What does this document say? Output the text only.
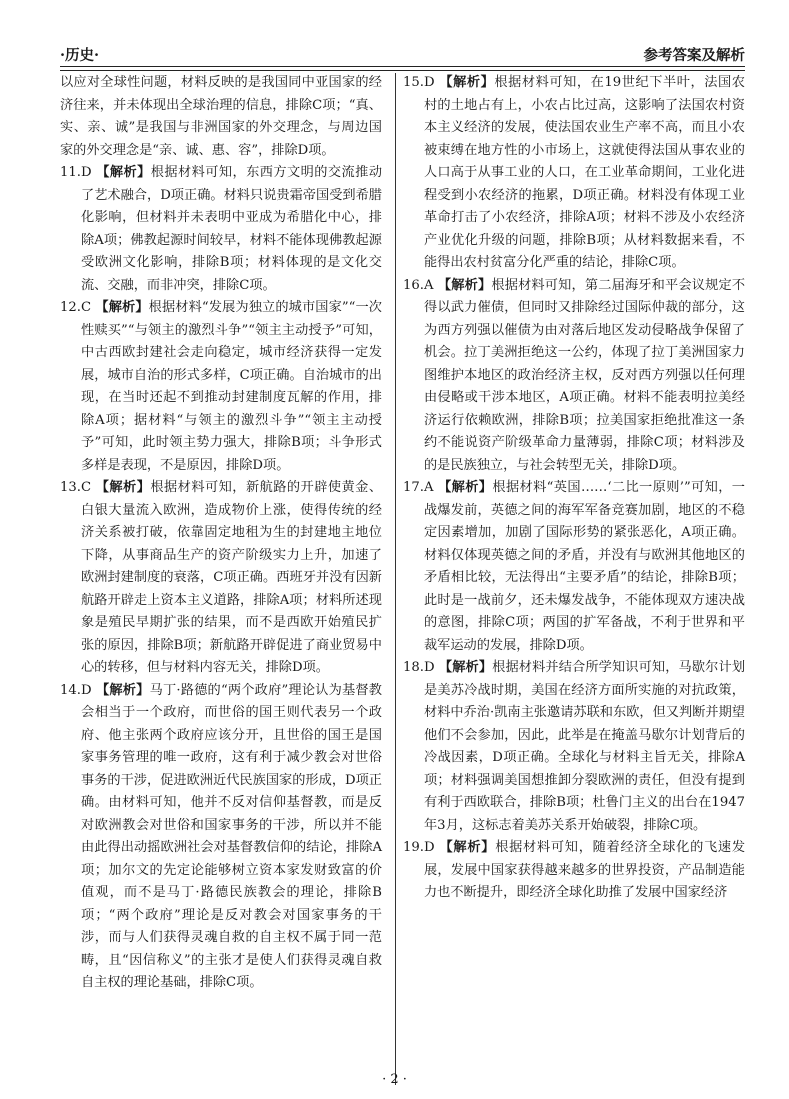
·历史·	参考答案及解析

以应对全球性问题，材料反映的是我国同中亚国家的经济往来，并未体现出全球治理的信息，排除C项；“真、实、亲、诚”是我国与非洲国家的外交理念，与周边国家的外交理念是“亲、诚、惠、容”，排除D项。

11.D 【解析】根据材料可知，东西方文明的交流推动了艺术融合，D项正确。材料只说贵霜帝国受到希腊化影响，但材料并未表明中亚成为希腊化中心，排除A项；佛教起源时间较早，材料不能体现佛教起源受欧洲文化影响，排除B项；材料体现的是文化交流、交融，而非冲突，排除C项。

12.C 【解析】根据材料“发展为独立的城市国家”“一次性赎买”“与领主的激烈斗争”“领主主动授予”可知，中古西欧封建社会走向稳定，城市经济获得一定发展，城市自治的形式多样，C项正确。自治城市的出现，在当时还起不到推动封建制度瓦解的作用，排除A项；据材料“与领主的激烈斗争”“领主主动授予”可知，此时领主势力强大，排除B项；斗争形式多样是表现，不是原因，排除D项。

13.C 【解析】根据材料可知，新航路的开辟使黄金、白银大量流入欧洲，造成物价上涨，使得传统的经济关系被打破，依靠固定地租为生的封建地主地位下降，从事商品生产的资产阶级实力上升，加速了欧洲封建制度的衰落，C项正确。西班牙并没有因新航路开辟走上资本主义道路，排除A项；材料所述现象是殖民早期扩张的结果，而不是西欧开始殖民扩张的原因，排除B项；新航路开辟促进了商业贸易中心的转移，但与材料内容无关，排除D项。

14.D 【解析】马丁·路德的“两个政府”理论认为基督教会相当于一个政府，而世俗的国王则代表另一个政府、他主张两个政府应该分开，且世俗的国王是国家事务管理的唯一政府，这有利于减少教会对世俗事务的干涉，促进欧洲近代民族国家的形成，D项正确。由材料可知，他并不反对信仰基督教，而是反对欧洲教会对世俗和国家事务的干涉，所以并不能由此得出动摇欧洲社会对基督教信仰的结论，排除A项；加尔文的先定论能够树立资本家发财致富的价值观，而不是马丁·路德民族教会的理论，排除B项；“两个政府”理论是反对教会对国家事务的干涉，而与人们获得灵魂自救的自主权不属于同一范畴，且“因信称义”的主张才是使人们获得灵魂自救自主权的理论基础，排除C项。

15.D 【解析】根据材料可知，在19世纪下半叶，法国农村的土地占有上，小农占比过高，这影响了法国农村资本主义经济的发展，使法国农业生产率不高，而且小农被束缚在地方性的小市场上，这就使得法国从事农业的人口高于从事工业的人口，在工业革命期间，工业化进程受到小农经济的拖累，D项正确。材料没有体现工业革命打击了小农经济，排除A项；材料不涉及小农经济产业优化升级的问题，排除B项；从材料数据来看，不能得出农村贫富分化严重的结论，排除C项。

16.A 【解析】根据材料可知，第二届海牙和平会议规定不得以武力催债，但同时又排除经过国际仲裁的部分，这为西方列强以催债为由对落后地区发动侵略战争保留了机会。拉丁美洲拒绝这一公约，体现了拉丁美洲国家力图维护本地区的政治经济主权，反对西方列强以任何理由侵略或干涉本地区，A项正确。材料不能表明拉美经济运行依赖欧洲，排除B项；拉美国家拒绝批准这一条约不能说资产阶级革命力量薄弱，排除C项；材料涉及的是民族独立，与社会转型无关，排除D项。

17.A 【解析】根据材料“英国……‘二比一原则’”可知，一战爆发前，英德之间的海军军备竞赛加剧，地区的不稳定因素增加，加剧了国际形势的紧张恶化，A项正确。材料仅体现英德之间的矛盾，并没有与欧洲其他地区的矛盾相比较，无法得出“主要矛盾”的结论，排除B项；此时是一战前夕，还未爆发战争，不能体现双方速决战的意图，排除C项；两国的扩军备战，不利于世界和平裁军运动的发展，排除D项。

18.D 【解析】根据材料并结合所学知识可知，马歇尔计划是美苏冷战时期，美国在经济方面所实施的对抗政策，材料中乔治·凯南主张邀请苏联和东欧，但又判断并期望他们不会参加，因此，此举是在掩盖马歇尔计划背后的冷战因素，D项正确。全球化与材料主旨无关，排除A项；材料强调美国想推卸分裂欧洲的责任，但没有提到有利于西欧联合，排除B项；杜鲁门主义的出台在1947年3月，这标志着美苏关系开始破裂，排除C项。

19.D 【解析】根据材料可知，随着经济全球化的飞速发展，发展中国家获得越来越多的世界投资，产品制造能力也不断提升，即经济全球化助推了发展中国家经济

· 2 ·
